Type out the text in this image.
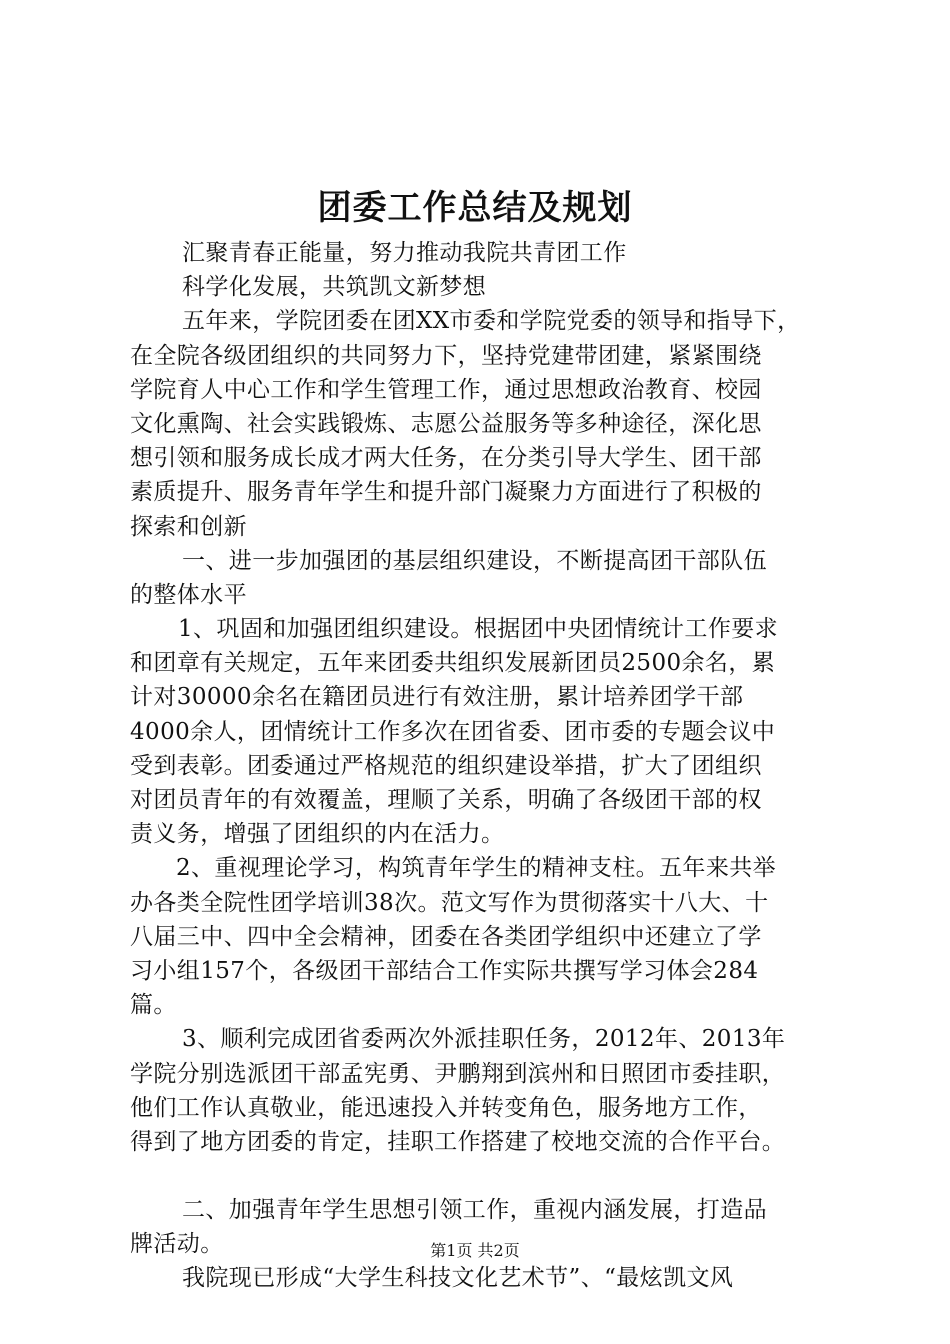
团委工作总结及规划
汇聚青春正能量，努力推动我院共青团工作
科学化发展，共筑凯文新梦想
五年来，学院团委在团XX市委和学院党委的领导和指导下，
在全院各级团组织的共同努力下，坚持党建带团建，紧紧围绕
学院育人中心工作和学生管理工作，通过思想政治教育、校园
文化熏陶、社会实践锻炼、志愿公益服务等多种途径，深化思
想引领和服务成长成才两大任务，在分类引导大学生、团干部
素质提升、服务青年学生和提升部门凝聚力方面进行了积极的
探索和创新
一、进一步加强团的基层组织建设，不断提高团干部队伍
的整体水平
1、巩固和加强团组织建设。根据团中央团情统计工作要求
和团章有关规定，五年来团委共组织发展新团员2500余名，累
计对30000余名在籍团员进行有效注册，累计培养团学干部
4000余人，团情统计工作多次在团省委、团市委的专题会议中
受到表彰。团委通过严格规范的组织建设举措，扩大了团组织
对团员青年的有效覆盖，理顺了关系，明确了各级团干部的权
责义务，增强了团组织的内在活力。
2、重视理论学习，构筑青年学生的精神支柱。五年来共举
办各类全院性团学培训38次。范文写作为贯彻落实十八大、十
八届三中、四中全会精神，团委在各类团学组织中还建立了学
习小组157个，各级团干部结合工作实际共撰写学习体会284
篇。
3、顺利完成团省委两次外派挂职任务，2012年、2013年
学院分别选派团干部孟宪勇、尹鹏翔到滨州和日照团市委挂职，
他们工作认真敬业，能迅速投入并转变角色，服务地方工作，
得到了地方团委的肯定，挂职工作搭建了校地交流的合作平台。
二、加强青年学生思想引领工作，重视内涵发展，打造品
牌活动。
我院现已形成“大学生科技文化艺术节”、“最炫凯文风
第1页 共2页
